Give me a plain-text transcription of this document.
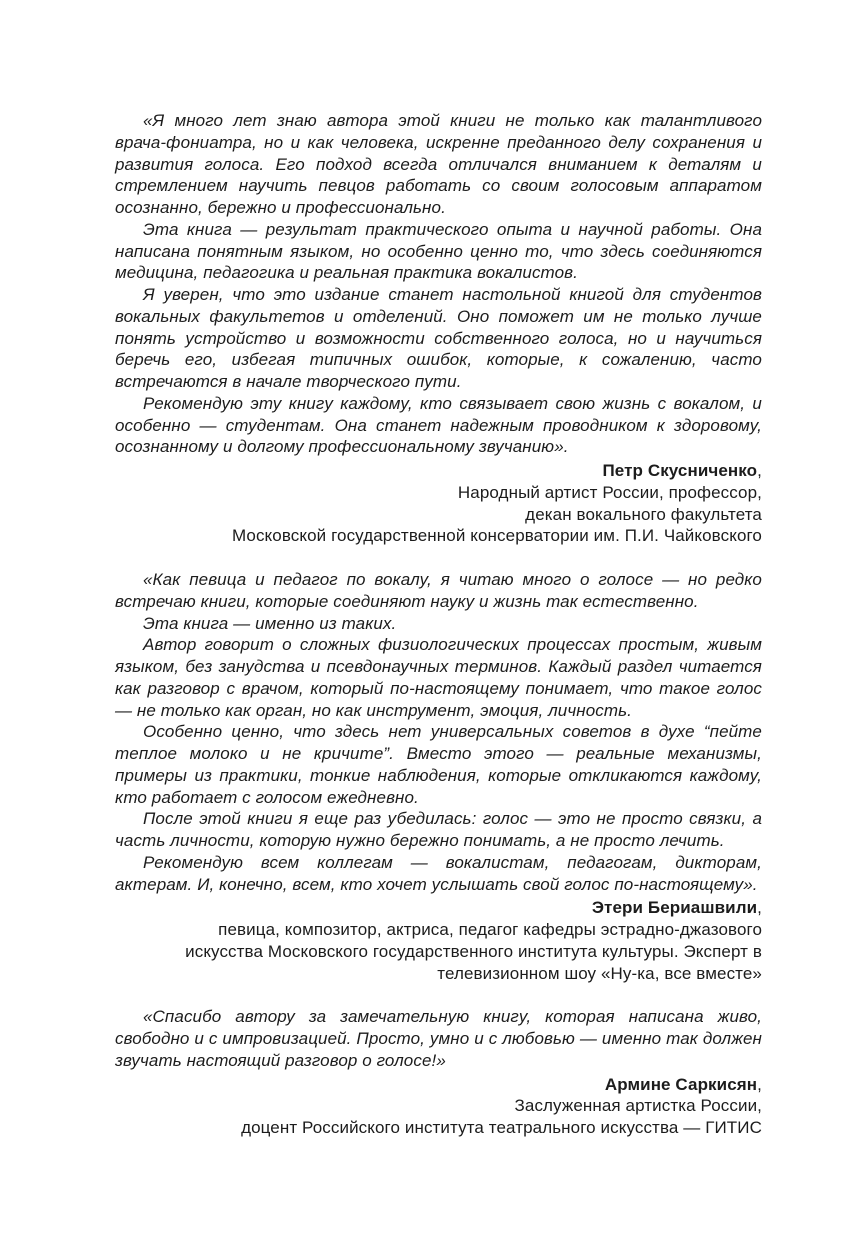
«Я много лет знаю автора этой книги не только как талантливого врача-фониатра, но и как человека, искренне преданного делу сохранения и развития голоса. Его подход всегда отличался вниманием к деталям и стремлением научить певцов работать со своим голосовым аппаратом осознанно, бережно и профессионально.

Эта книга — результат практического опыта и научной работы. Она написана понятным языком, но особенно ценно то, что здесь соединяются медицина, педагогика и реальная практика вокалистов.

Я уверен, что это издание станет настольной книгой для студентов вокальных факультетов и отделений. Оно поможет им не только лучше понять устройство и возможности собственного голоса, но и научиться беречь его, избегая типичных ошибок, которые, к сожалению, часто встречаются в начале творческого пути.

Рекомендую эту книгу каждому, кто связывает свою жизнь с вокалом, и особенно — студентам. Она станет надежным проводником к здоровому, осознанному и долгому профессиональному звучанию».

Петр Скусниченко,

Народный артист России, профессор,

декан вокального факультета

Московской государственной консерватории им. П.И. Чайковского

«Как певица и педагог по вокалу, я читаю много о голосе — но редко встречаю книги, которые соединяют науку и жизнь так естественно.

Эта книга — именно из таких.

Автор говорит о сложных физиологических процессах простым, живым языком, без занудства и псевдонаучных терминов. Каждый раздел читается как разговор с врачом, который по-настоящему понимает, что такое голос — не только как орган, но как инструмент, эмоция, личность.

Особенно ценно, что здесь нет универсальных советов в духе “пейте теплое молоко и не кричите”. Вместо этого — реальные механизмы, примеры из практики, тонкие наблюдения, которые откликаются каждому, кто работает с голосом ежедневно.

После этой книги я еще раз убедилась: голос — это не просто связки, а часть личности, которую нужно бережно понимать, а не просто лечить.

Рекомендую всем коллегам — вокалистам, педагогам, дикторам, актерам. И, конечно, всем, кто хочет услышать свой голос по-настоящему».

Этери Бериашвили,

певица, композитор, актриса, педагог кафедры эстрадно-джазового

искусства Московского государственного института культуры. Эксперт в

телевизионном шоу «Ну-ка, все вместе»

«Спасибо автору за замечательную книгу, которая написана живо, свободно и с импровизацией. Просто, умно и с любовью — именно так должен звучать настоящий разговор о голосе!»

Армине Саркисян,

Заслуженная артистка России,

доцент Российского института театрального искусства — ГИТИС
